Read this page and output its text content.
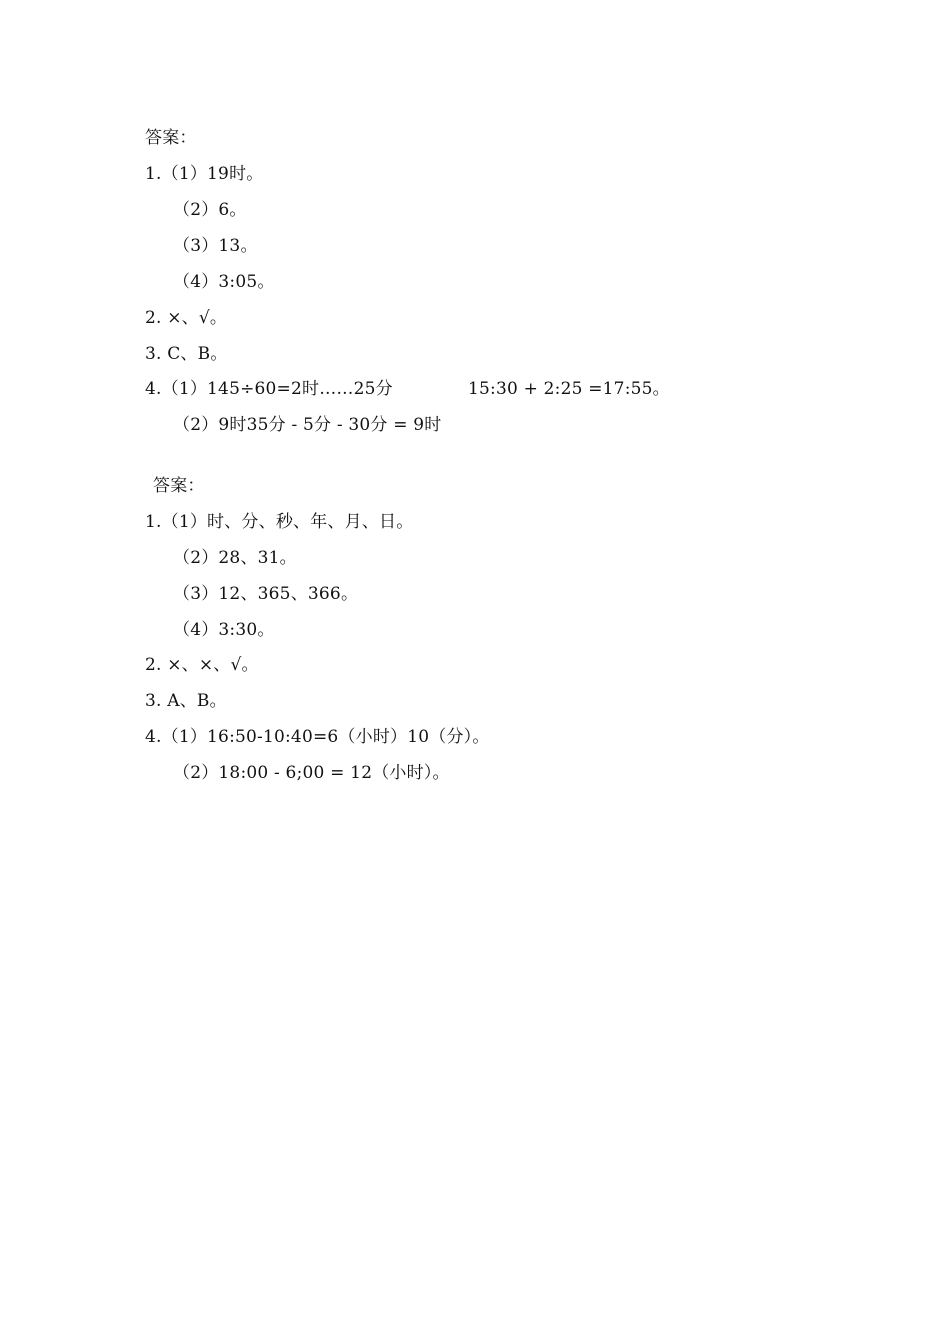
答案：
1.（1）19时。
（2）6。
（3）13。
（4）3:05。
2. ×、√。
3. C、B。
4.（1）145÷60=2时……25分	15:30 + 2:25 =17:55。
（2）9时35分 - 5分 - 30分 = 9时
答案：
1.（1）时、分、秒、年、月、日。
（2）28、31。
（3）12、365、366。
（4）3:30。
2. ×、×、√。
3. A、B。
4.（1）16:50-10:40=6（小时）10（分）。
（2）18:00 - 6;00 = 12（小时）。
